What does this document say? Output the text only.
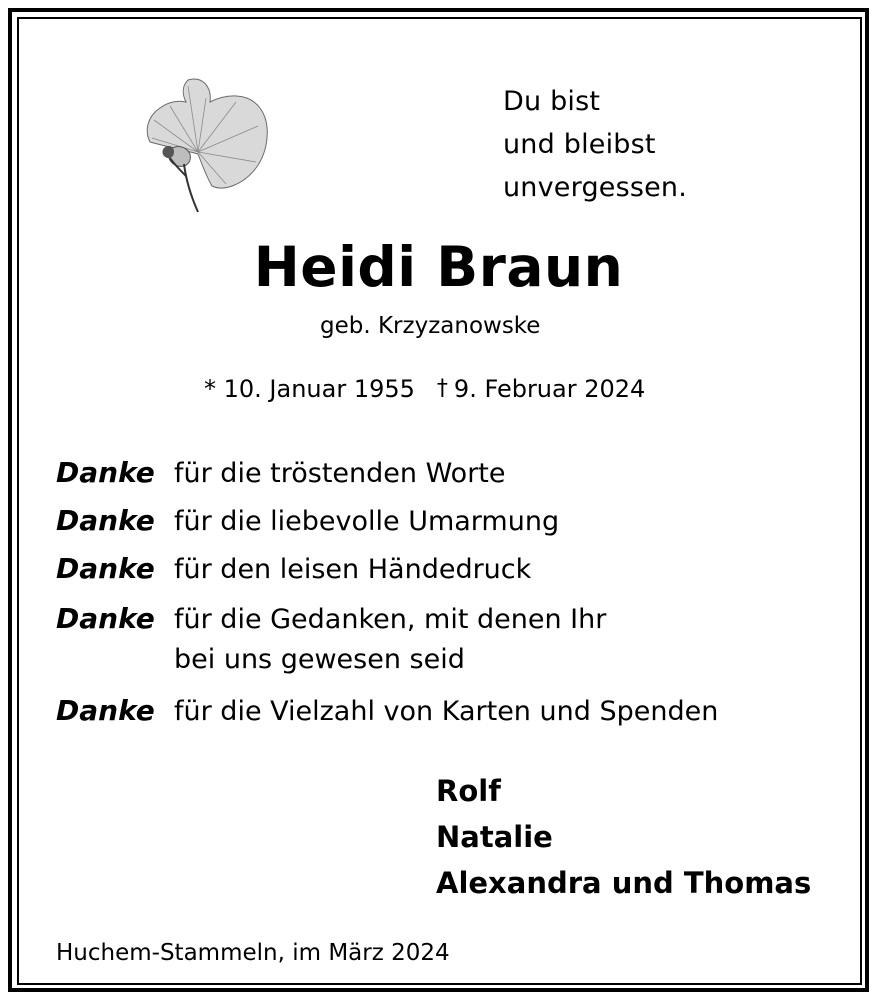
Du bist
und bleibst
unvergessen.
Heidi Braun
geb. Krzyzanowske
* 10. Januar 1955 † 9. Februar 2024
Danke für die tröstenden Worte
Danke für die liebevolle Umarmung
Danke für den leisen Händedruck
Danke für die Gedanken, mit denen Ihr
bei uns gewesen seid
Danke für die Vielzahl von Karten und Spenden
Rolf
Natalie
Alexandra und Thomas
Huchem-Stammeln, im März 2024
